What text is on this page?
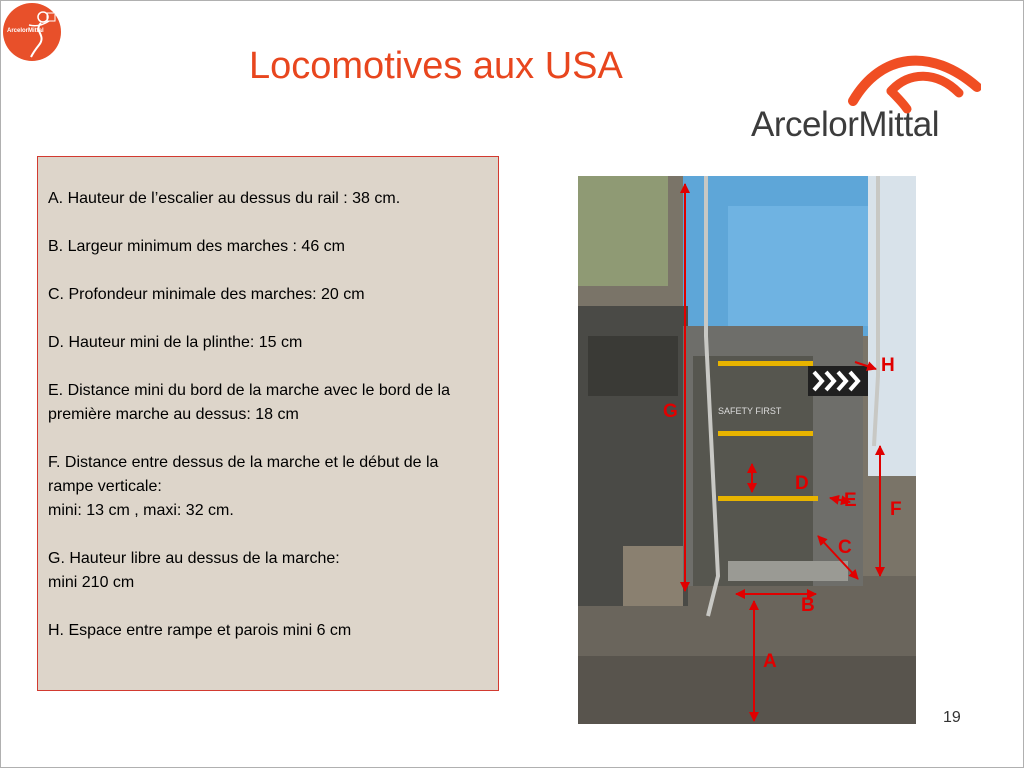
ArcelorMittal
Locomotives aux USA
ArcelorMittal

A. Hauteur de l’escalier au dessus du rail : 38 cm.

B. Largeur minimum des marches : 46 cm

C. Profondeur minimale des marches: 20 cm

D. Hauteur mini de la plinthe: 15 cm

E. Distance mini du bord de la marche avec le bord de la première marche au dessus: 18 cm

F. Distance entre dessus de la marche et le début de la rampe verticale:
mini: 13 cm , maxi: 32 cm.

G. Hauteur libre au dessus de la marche:
mini 210 cm

H. Espace entre rampe et parois mini 6 cm

SAFETY FIRST
H
G
D
E F
C
B
A
19
